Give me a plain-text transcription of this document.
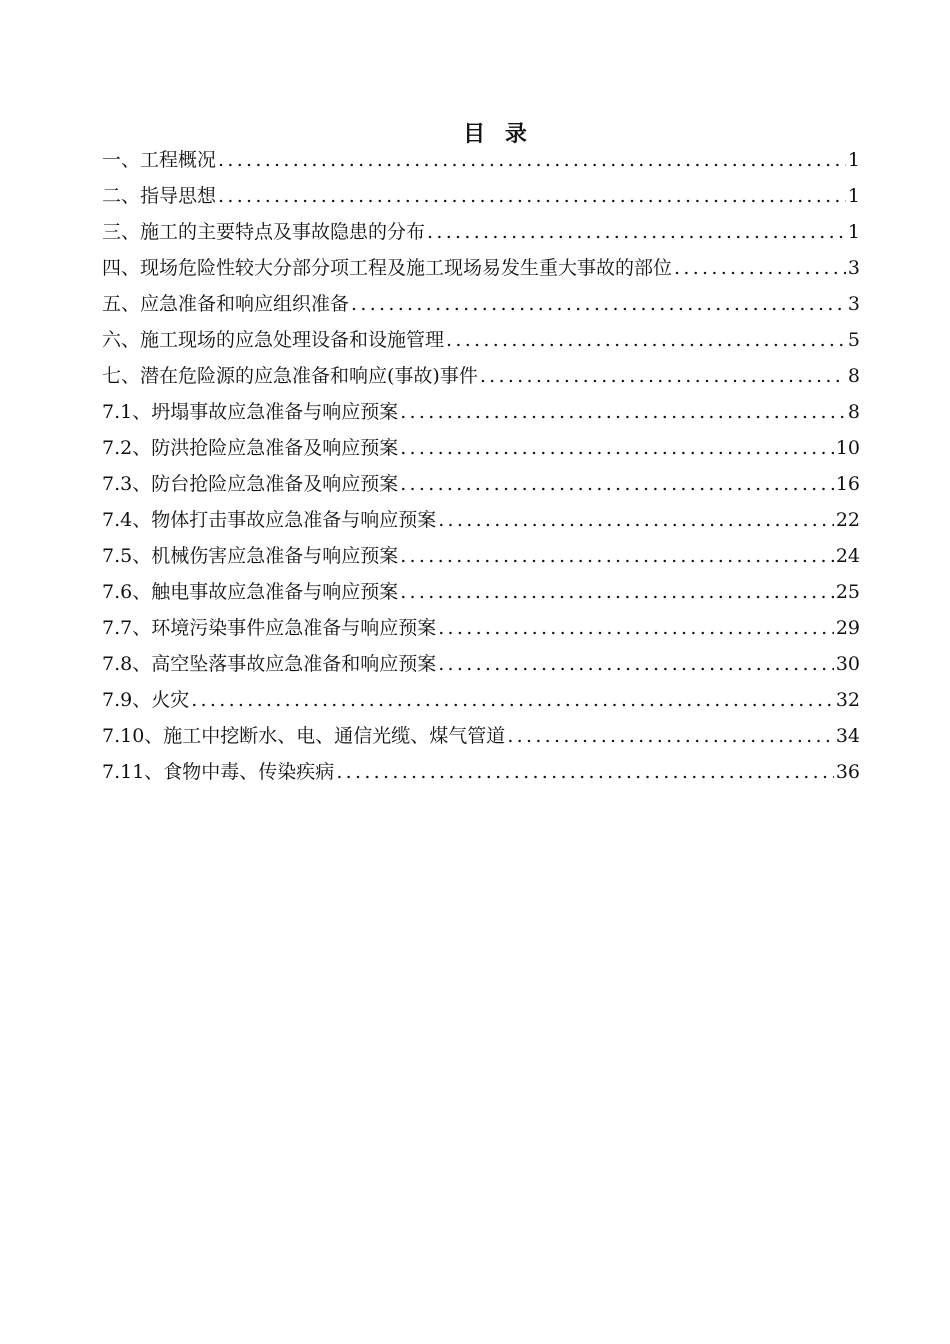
目 录
一、工程概况 .....	1
二、指导思想 .....	1
三、施工的主要特点及事故隐患的分布 .....	1
四、现场危险性较大分部分项工程及施工现场易发生重大事故的部位 .....	3
五、应急准备和响应组织准备 .....	3
六、施工现场的应急处理设备和设施管理 .....	5
七、潜在危险源的应急准备和响应(事故)事件 .....	8
7.1、坍塌事故应急准备与响应预案 .....	8
7.2、防洪抢险应急准备及响应预案 .....	10
7.3、防台抢险应急准备及响应预案 .....	16
7.4、物体打击事故应急准备与响应预案 .....	22
7.5、机械伤害应急准备与响应预案 .....	24
7.6、触电事故应急准备与响应预案 .....	25
7.7、环境污染事件应急准备与响应预案 .....	29
7.8、高空坠落事故应急准备和响应预案 .....	30
7.9、火灾 .....	32
7.10、施工中挖断水、电、通信光缆、煤气管道 .....	34
7.11、食物中毒、传染疾病 .....	36
